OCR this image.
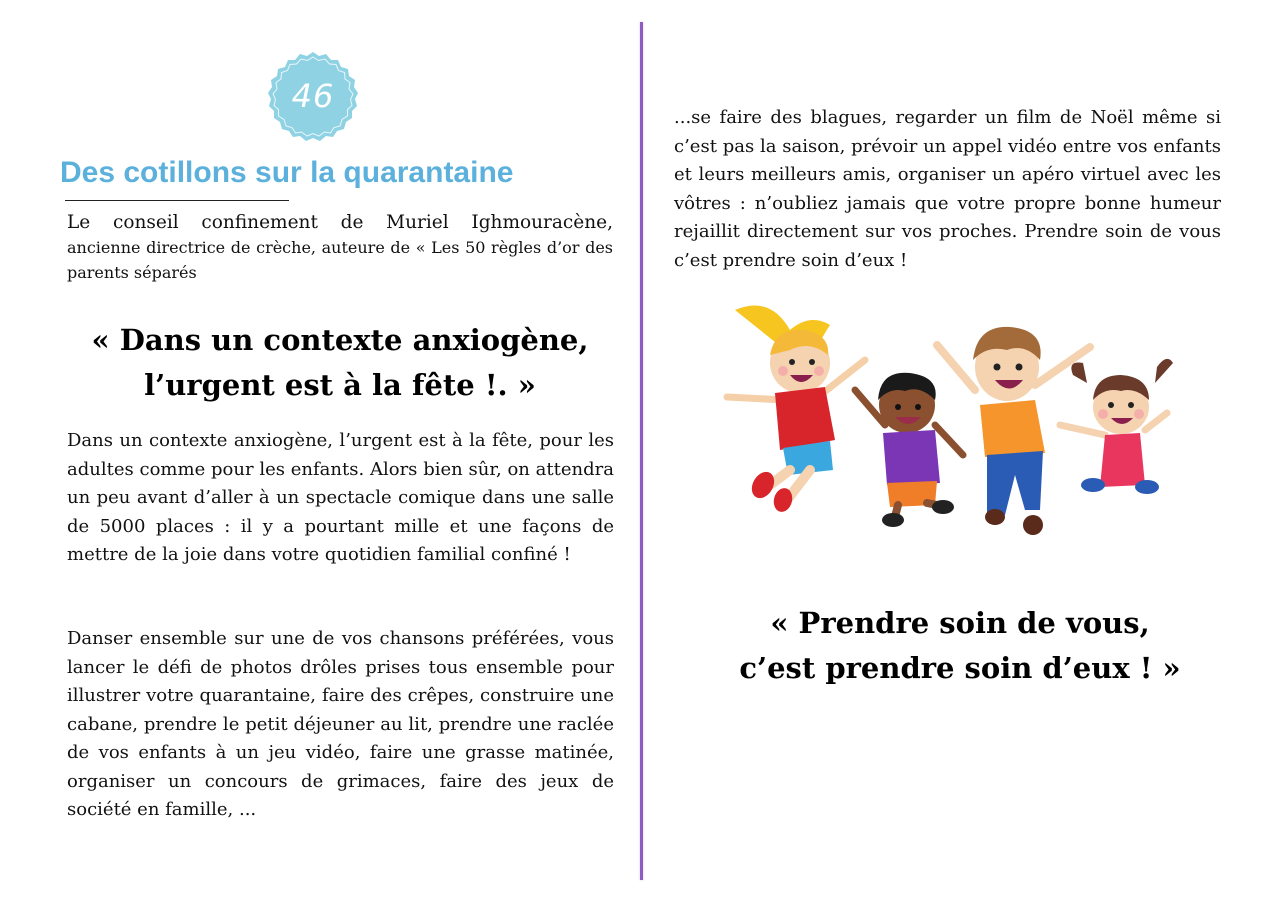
46
Des cotillons sur la quarantaine

Le conseil confinement de Muriel Ighmouracène,
ancienne directrice de crèche, auteure de « Les 50 règles d’or des parents séparés

« Dans un contexte anxiogène,
l’urgent est à la fête !. »

Dans un contexte anxiogène, l’urgent est à la fête, pour les adultes comme pour les enfants. Alors bien sûr, on attendra un peu avant d’aller à un spectacle comique dans une salle de 5000 places : il y a pourtant mille et une façons de mettre de la joie dans votre quotidien familial confiné !

Danser ensemble sur une de vos chansons préférées, vous lancer le défi de photos drôles prises tous ensemble pour illustrer votre quarantaine, faire des crêpes, construire une cabane, prendre le petit déjeuner au lit, prendre une raclée de vos enfants à un jeu vidéo, faire une grasse matinée, organiser un concours de grimaces, faire des jeux de société en famille, ...

...se faire des blagues, regarder un film de Noël même si c’est pas la saison, prévoir un appel vidéo entre vos enfants et leurs meilleurs amis, organiser un apéro virtuel avec les vôtres : n’oubliez jamais que votre propre bonne humeur rejaillit directement sur vos proches. Prendre soin de vous c’est prendre soin d’eux !

« Prendre soin de vous,
c’est prendre soin d’eux ! »
